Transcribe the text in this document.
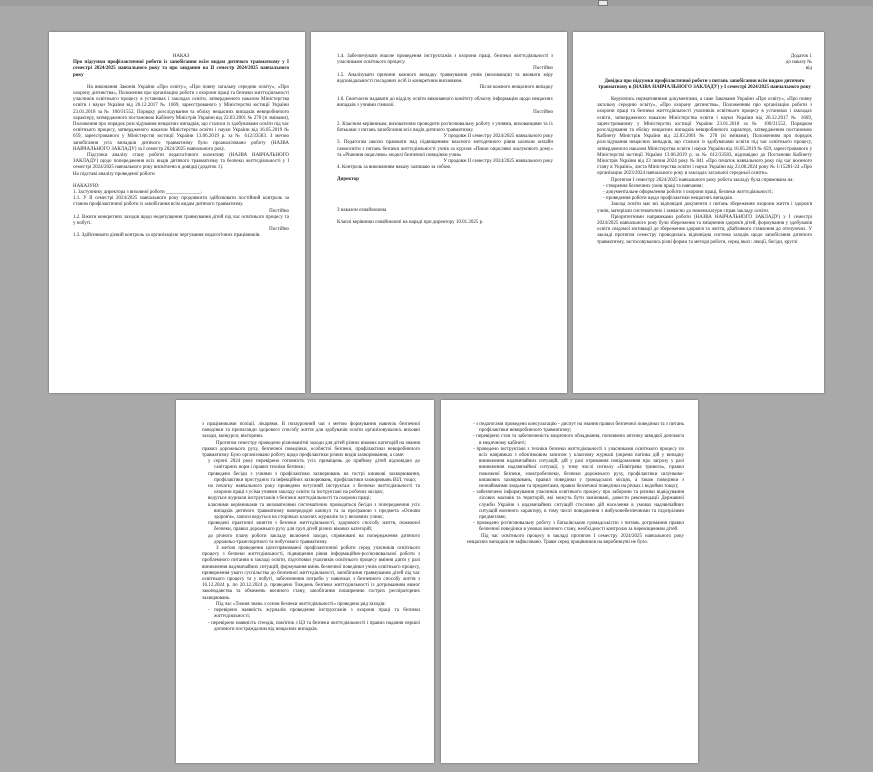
НАКАЗ

Про підсумки профілактичної роботи із запобігання всім видам дитячого травматизму у І семестрі 2024/2025 навчального року та про завдання на ІІ семестр 2024/2025 навчального року

На виконання Законів України «Про освіту», «Про повну загальну середню освіту», «Про охорону дитинства», Положення про організацію роботи з охорони праці та безпеки життєдіяльності учасників освітнього процесу в установах і закладах освіти, затвердженого наказом Міністерства освіти і науки України від 26.12.2017 № 1669, зареєстрованого у Міністерстві юстиції України 23.01.2018 за № 100/31552, Порядку розслідування та обліку нещасних випадків невиробничого характеру, затвердженого постановою Кабінету Міністрів України від 22.03.2001 № 270 (зі змінами), Положення про порядок розслідування нещасних випадків, що сталися із здобувачами освіти під час освітнього процесу, затвердженого наказом Міністерства освіти і науки України від 16.05.2019 № 659, зареєстрованого у Міністерстві юстиції України 13.06.2019 р. за № 612/33583. З метою запобігання усіх випадків дитячого травматизму було проаналізовано роботу (НАЗВА НАВЧАЛЬНОГО ЗАКЛАДУ) за І семестр 2024/2025 навчального року.

Підсумки аналізу стану роботи педагогічного колективу (НАЗВА НАВЧАЛЬНОГО ЗАКЛАДУ) щодо попередження всіх видів дитячого травматизму та безпеки життєдіяльності у І семестрі 2024/2025 навчального року висвітлено в довідці (додаток 1).

На підставі аналізу проведеної роботи

НАКАЗУЮ:

1. Заступнику директора з виховної роботи ______________:

1.1. У ІІ семестрі 2024/2025 навчального року продовжити здійснювати постійний контроль за станом профілактичної роботи із запобігання всім видам дитячого травматизму.

Постійно

1.2. Вжити конкретних заходів щодо недопущення травмування дітей під час освітнього процесу та у побуті.

Постійно

1.3. Здійснювати дієвий контроль за організацією чергування педагогічних працівників.

1.4. Забезпечувати вчасне проведення інструктажів з охорони праці, безпеки життєдіяльності з учасниками освітнього процесу.

Постійно

1.5. Аналізувати причини кожного випадку травмування учнів (вихованців) та вживати міру відповідальності посадових осіб із конкретним висновком.

Після кожного нещасного випадку

1.6. Своєчасно надавати до відділу освіти виконавчого комітету обласну інформацію щодо нещасних випадків з учнями гімназії.

Постійно

2. Класним керівникам, вихователям проводити роз'яснювальну роботу з учнями, вихованцями та їх батьками з питань запобігання всіх видів дитячого травматизму.

У продовж ІІ семестру 2024/2025 навчального року

3. Педагогам школи праювати над підвищенням власного методичного рівня шляхом онлайн самоосвіти з питань безпеки життєдіяльності учнів за курсом «Пиши ощасливо ошлукового дому» та «Рішення ощасливо» моделі безпечної поведінки учня»

У продовж ІІ семестру 2024/2025 навчального року

4. Контроль за виконанням наказу залишаю за собою.

Директор

З наказом ознайомлена

Класні керівники ознайомлені на нараді при директору 10.01.2025 р.

Додаток 1

до наказу №

від

Довідка про підсумки профілактичної роботи з питань запобігання всім видам дитячого травматизму в (НАЗВА НАВЧАЛЬНОГО ЗАКЛАДУ) у І семестрі 2024/2025 навчального року

Керуючись нормативними документами, а саме Законами України «Про освіту», «Про повну загальну середню освіту», «Про охорону дитинства», Положенням про організацію роботи з охорони праці та безпеки життєдіяльності учасників освітнього процесу в установах і закладах освіти, затвердженого наказом Міністерства освіти і науки України від 26.12.2017 № 1669, зареєстрованому у Міністерстві юстиції України 23.01.2018 за № 100/31552, Порядком розслідування та обліку нещасних випадків невиробничого характеру, затвердженим постановою Кабінету Міністрів України від 22.03.2001 № 270 (зі змінами), Положенням про порядок розслідування нещасних випадків, що сталися із здобувачами освіти під час освітнього процесу, затвердженого наказом Міністерства освіти і науки України від 16.05.2019 № 659, зареєстрованого у Міністерстві юстиції України 13.06.2019 р. за № 612/33583, відповідно до Постанови Кабінету Міністрів України від 23 липня 2024 року № 841 «Про початок навчального року під час воєнного стану в Україні», листа Міністерства освіти і науки України від 23.08.2024 року № 1/15281-24 «Про організацію 2023/2024 навчального року в закладах загальної середньої освіти».

Протягом І семестру 2024/2025 навчального року робота закладу була спрямована на:

- створення безпечних умов праці та навчання;

- документальне оформлення роботи з охорони праці, безпеки життєдіяльності;

- проведення роботи щодо профілактики нещасних випадків.

Заклад освіти має всі відповідні документи з питань збереження охорони життя і здоров'я учнів, матеріали систематично і завчасно до номенклатури справ закладу освіти.

Пріоритетними напрямками роботи (НАЗВА НАВЧАЛЬНОГО ЗАКЛАДУ) у І семестрі 2024/2025 навчального року були збереження та зміцнення здоров'я дітей, формування у здобувачів освіти свідомої мотивації до збереження здоров'я та життя, дбайливого ставлення до оточуючих. У закладі протягом семестру проводилась відповідна система заходів щодо запобігання дитячого травматизму, застосовувались різні форми та методи роботи, серед яких: лекції, бесіди, круглі

з працівниками поліції, лікарями. В позаурочний час з метою формування навичок безпечної поведінки та пропаганди здорового способу життя для здобувачів освіти організовувались виховні заходи, конкурси, вікторини.

Протягом семестру проведено різноманітні заходи для дітей різних вікових категорій на знання правил дорожнього руху, безпечної поведінки, особистої безпеки, профілактики невиробничого травматизму. Було організовано роботу щодо профілактики різних видів захворювання, а саме:

у серпні 2024 року перевірено готовність усіх приміщень до прийому дітей відповідно до санітарних норм і правил техніки безпеки;

проведено бесіди з учнями з профілактики захворювань на гострі кишкові захворювання, профілактики простудних та інфекційних захворювань, профілактики захворювань ВІЛ, тощо;

на початку навчального року проведено вступний інструктаж з безпеки життєдіяльності та охорони праці з усіма учнями закладу освіти та інструктажі на робочих місцях;

ведуться журнали інструктажів з безпеки життєдіяльності та охорони праці;

класними керівниками та вихователями систематично проводяться бесіди з попередження усіх випадків дитячого травматизму напередодні канікул та за програмою з предмета «Основи здоров'я», записи ведуться на сторінках класних журналів та у виховних учнях;

проведені практичні заняття з безпеки життєдіяльності, здорового способу життя, пожежної безпеки, правил дорожнього руху для груп дітей різних вікових категорій;

до річного плану роботи закладу включені заходи, спрямовані на попередження дитячого дорожньо-транспортного та побутового травматизму.

З метою проведення цілеспрямованої профілактичної роботи серед учасників освітнього процесу з безпеки життєдіяльності, підвищення рівня інформаційно-роз'яснювальної роботи з проблемного питання в закладі освіти, підготовки учасників освітнього процесу вміння діяти у разі виникнення надзвичайних ситуацій, формування вмінь безпечної поведінки учнів освітнього процесу, привернення уваги суспільства до безпечної життєдіяльності, запобігання травмування дітей під час освітнього процесу та у побуті, забезпечення потреби у навичках з безпечного способу життя з 16.12.2024 р. по 20.12.2024 р. проведено Тиждень безпеки життєдіяльності із дотриманням вимог законодавства та обмежень воєнного стану, запобігання поширенню гострих респіраторних захворювань.

Під час «Тижня знань з основ безпеки життєдіяльності» проведено ряд заходів:

- перевірено наявність журналів проведення інструктажів з охорони праці та безпеки життєдіяльності;

- перевірено наявність стендів, пам'яток з ЦЗ та безпеки життєдіяльності і правил надання першої допомоги постраждалим від нещасних випадків.

- з педагогами проведено консультацію - диспут на знання правил безпечної поведінки та з питань профілактики невиробничого травматизму;

- перевірено стан та забезпеченість медичного обладнання, поповнено аптечку швидкої допомоги в медичному кабінеті;

- проведено інструктажі з техніки безпеки життєдіяльності з учасниками освітнього процесу по всіх напрямках з обов'язковим записом у класному журналі (окрема пагінка дій у випадку виникнення надзвичайних ситуацій, дій у разі отримання повідомлення про загрозу у разі виникнення надзвичайної ситуації, у тому числі сигналу «Повітряна тривога», правил пожежної безпеки, електробезпеки, безпеки дорожнього руху, профілактики шлунково-кишкових захворювань, правил поведінки у громадських місцях, а також поведінки з незнайомими людьми та предметами, правил безпечної поведінки на річках і водойми тощо);

- забезпечено інформування учасників освітнього процесу про заборони та ризики відвідування лісових масивів та територій, які можуть бути заміновані, довести рекомендації Державної служби України з надзвичайних ситуацій стосовно дій населення в умовах надзвичайних ситуацій воєнного характеру, в тому числі поводження з вибухонебезпечними та підозрілими предметами;

- проведено роз'яснювальну роботу з батьківською громадськістю з питань дотримання правил безпечної поведінки в умовах воєнного стану, необхідності контролю за переміщенням дітей.

Під час освітнього процесу в закладі протягом І семестру 2024/2025 навчального року нещасних випадків не зафіксовано. Травм серед працівників на виробництві не було.
